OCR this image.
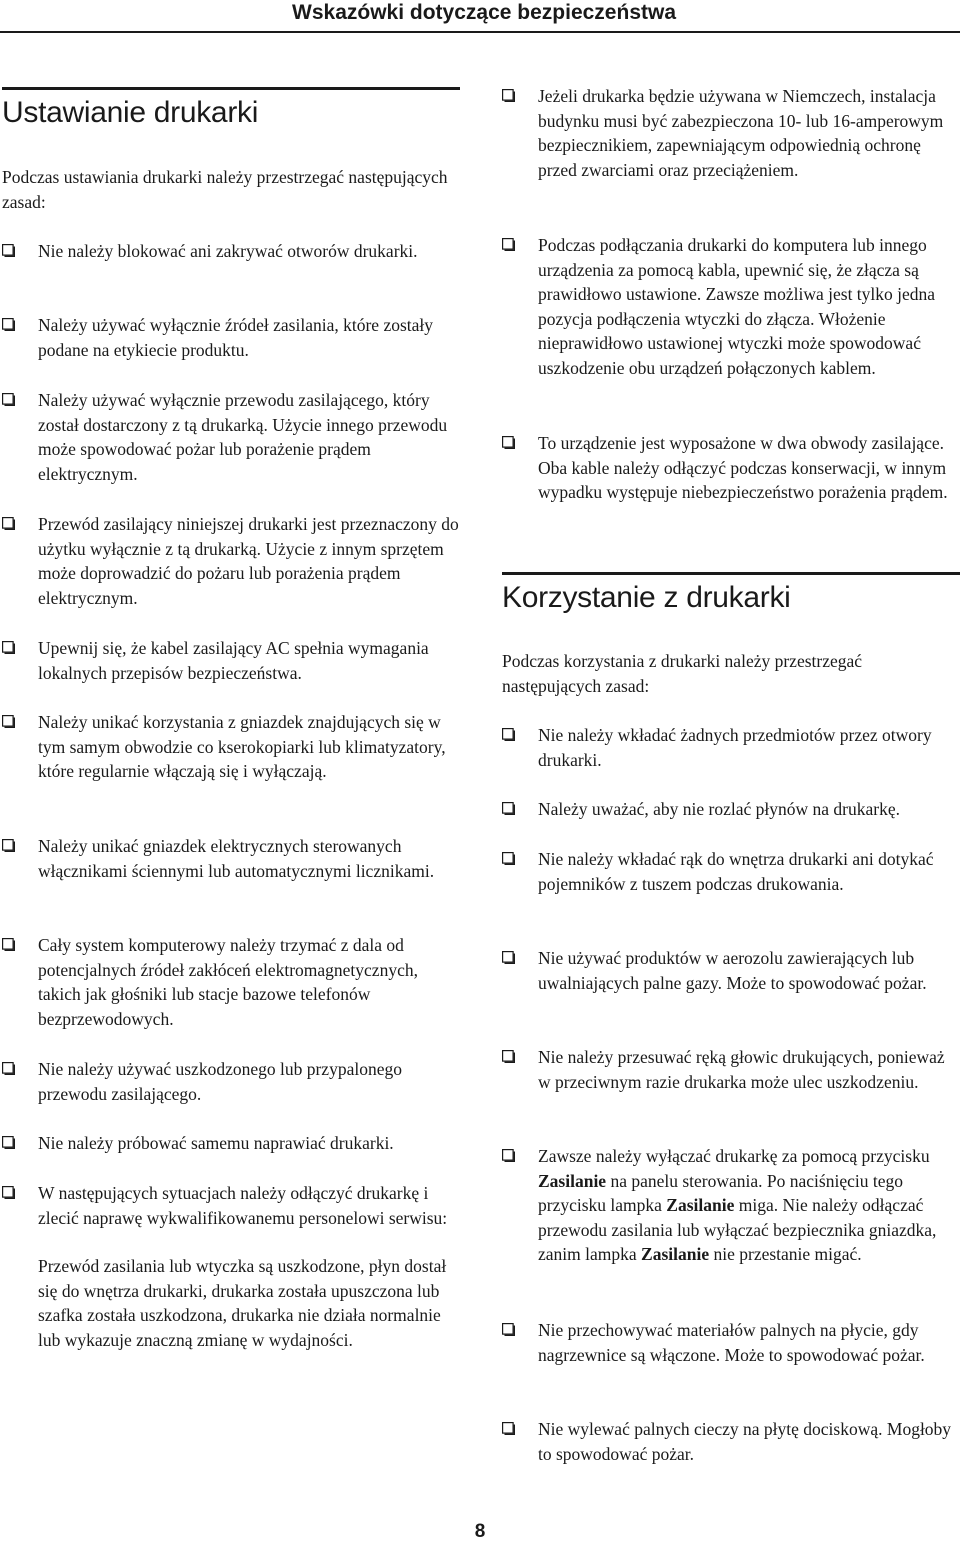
Wskazówki dotyczące bezpieczeństwa
Ustawianie drukarki
Podczas ustawiania drukarki należy przestrzegać następujących zasad:
Nie należy blokować ani zakrywać otworów drukarki.
Należy używać wyłącznie źródeł zasilania, które zostały podane na etykiecie produktu.
Należy używać wyłącznie przewodu zasilającego, który został dostarczony z tą drukarką. Użycie innego przewodu może spowodować pożar lub porażenie prądem elektrycznym.
Przewód zasilający niniejszej drukarki jest przeznaczony do użytku wyłącznie z tą drukarką. Użycie z innym sprzętem może doprowadzić do pożaru lub porażenia prądem elektrycznym.
Upewnij się, że kabel zasilający AC spełnia wymagania lokalnych przepisów bezpieczeństwa.
Należy unikać korzystania z gniazdek znajdujących się w tym samym obwodzie co kserokopiarki lub klimatyzatory, które regularnie włączają się i wyłączają.
Należy unikać gniazdek elektrycznych sterowanych włącznikami ściennymi lub automatycznymi licznikami.
Cały system komputerowy należy trzymać z dala od potencjalnych źródeł zakłóceń elektromagnetycznych, takich jak głośniki lub stacje bazowe telefonów bezprzewodowych.
Nie należy używać uszkodzonego lub przypalonego przewodu zasilającego.
Nie należy próbować samemu naprawiać drukarki.
W następujących sytuacjach należy odłączyć drukarkę i zlecić naprawę wykwalifikowanemu personelowi serwisu:
Przewód zasilania lub wtyczka są uszkodzone, płyn dostał się do wnętrza drukarki, drukarka została upuszczona lub szafka została uszkodzona, drukarka nie działa normalnie lub wykazuje znaczną zmianę w wydajności.
Jeżeli drukarka będzie używana w Niemczech, instalacja budynku musi być zabezpieczona 10- lub 16-amperowym bezpiecznikiem, zapewniającym odpowiednią ochronę przed zwarciami oraz przeciążeniem.
Podczas podłączania drukarki do komputera lub innego urządzenia za pomocą kabla, upewnić się, że złącza są prawidłowo ustawione. Zawsze możliwa jest tylko jedna pozycja podłączenia wtyczki do złącza. Włożenie nieprawidłowo ustawionej wtyczki może spowodować uszkodzenie obu urządzeń połączonych kablem.
To urządzenie jest wyposażone w dwa obwody zasilające. Oba kable należy odłączyć podczas konserwacji, w innym wypadku występuje niebezpieczeństwo porażenia prądem.
Korzystanie z drukarki
Podczas korzystania z drukarki należy przestrzegać następujących zasad:
Nie należy wkładać żadnych przedmiotów przez otwory drukarki.
Należy uważać, aby nie rozlać płynów na drukarkę.
Nie należy wkładać rąk do wnętrza drukarki ani dotykać pojemników z tuszem podczas drukowania.
Nie używać produktów w aerozolu zawierających lub uwalniających palne gazy. Może to spowodować pożar.
Nie należy przesuwać ręką głowic drukujących, ponieważ w przeciwnym razie drukarka może ulec uszkodzeniu.
Zawsze należy wyłączać drukarkę za pomocą przycisku Zasilanie na panelu sterowania. Po naciśnięciu tego przycisku lampka Zasilanie miga. Nie należy odłączać przewodu zasilania lub wyłączać bezpiecznika gniazdka, zanim lampka Zasilanie nie przestanie migać.
Nie przechowywać materiałów palnych na płycie, gdy nagrzewnice są włączone. Może to spowodować pożar.
Nie wylewać palnych cieczy na płytę dociskową. Mogłoby to spowodować pożar.
8
